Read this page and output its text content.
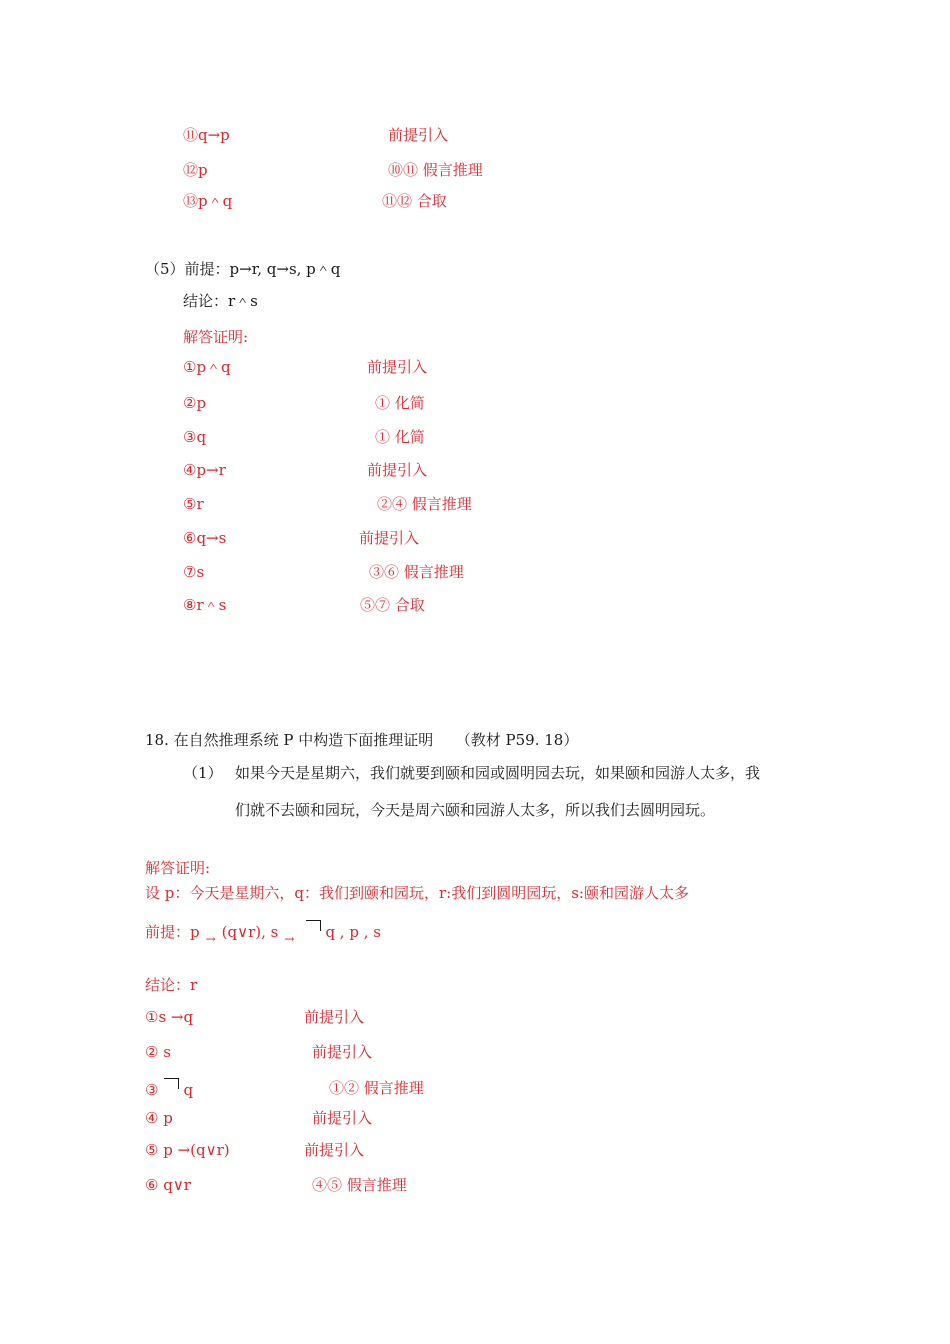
⑪q→p	前提引入
⑫p	⑩⑪ 假言推理
⑬p＾q	⑪⑫ 合取
（5）前提：p→r, q→s, p＾q
结论：r＾s
解答证明:
①p＾q	前提引入
②p	① 化简
③q	① 化简
④p→r	前提引入
⑤r	②④ 假言推理
⑥q→s	前提引入
⑦s	③⑥ 假言推理
⑧r＾s	⑤⑦ 合取
18. 在自然推理系统 P 中构造下面推理证明　　（教材 P59. 18）
（1） 如果今天是星期六，我们就要到颐和园或圆明园去玩，如果颐和园游人太多，我
们就不去颐和园玩，今天是周六颐和园游人太多，所以我们去圆明园玩。
解答证明:
设 p：今天是星期六，q：我们到颐和园玩，r:我们到圆明园玩，s:颐和园游人太多
前提：p → (q∨r), s → q , p , s
结论：r
①s →q	前提引入
② s	前提引入
③ q	①② 假言推理
④ p	前提引入
⑤ p →(q∨r)	前提引入
⑥ q∨r	④⑤ 假言推理
